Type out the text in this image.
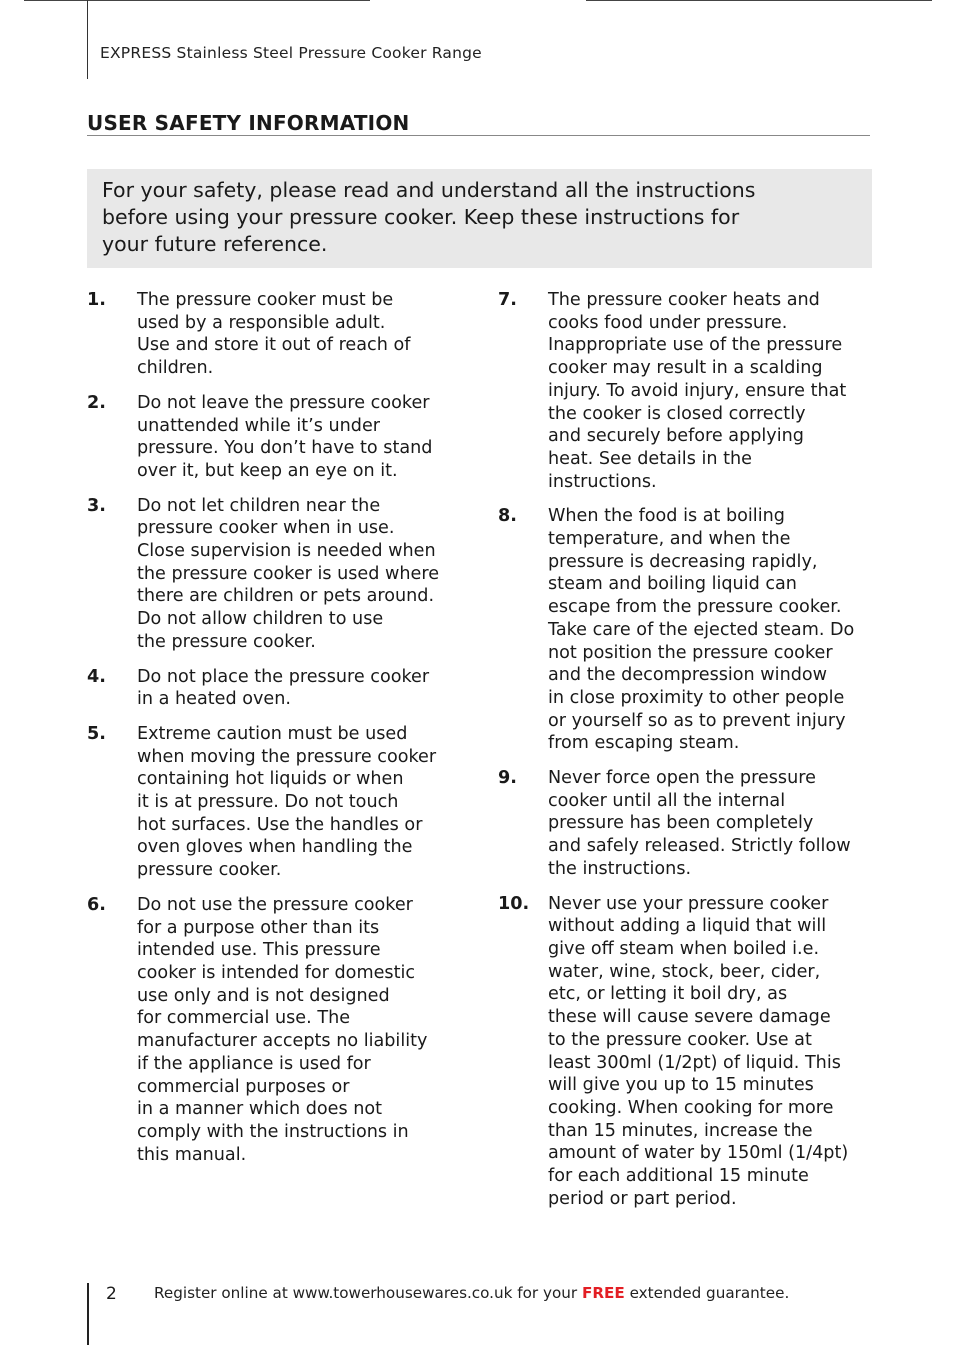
EXPRESS Stainless Steel Pressure Cooker Range
USER SAFETY INFORMATION
For your safety, please read and understand all the instructions
before using your pressure cooker. Keep these instructions for
your future reference.
1. The pressure cooker must be
used by a responsible adult.
Use and store it out of reach of
children.
2. Do not leave the pressure cooker
unattended while it’s under
pressure. You don’t have to stand
over it, but keep an eye on it.
3. Do not let children near the
pressure cooker when in use.
Close supervision is needed when
the pressure cooker is used where
there are children or pets around.
Do not allow children to use
the pressure cooker.
4. Do not place the pressure cooker
in a heated oven.
5. Extreme caution must be used
when moving the pressure cooker
containing hot liquids or when
it is at pressure. Do not touch
hot surfaces. Use the handles or
oven gloves when handling the
pressure cooker.
6. Do not use the pressure cooker
for a purpose other than its
intended use. This pressure
cooker is intended for domestic
use only and is not designed
for commercial use. The
manufacturer accepts no liability
if the appliance is used for
commercial purposes or
in a manner which does not
comply with the instructions in
this manual.
7. The pressure cooker heats and
cooks food under pressure.
Inappropriate use of the pressure
cooker may result in a scalding
injury. To avoid injury, ensure that
the cooker is closed correctly
and securely before applying
heat. See details in the
instructions.
8. When the food is at boiling
temperature, and when the
pressure is decreasing rapidly,
steam and boiling liquid can
escape from the pressure cooker.
Take care of the ejected steam. Do
not position the pressure cooker
and the decompression window
in close proximity to other people
or yourself so as to prevent injury
from escaping steam.
9. Never force open the pressure
cooker until all the internal
pressure has been completely
and safely released. Strictly follow
the instructions.
10. Never use your pressure cooker
without adding a liquid that will
give off steam when boiled i.e.
water, wine, stock, beer, cider,
etc, or letting it boil dry, as
these will cause severe damage
to the pressure cooker. Use at
least 300ml (1/2pt) of liquid. This
will give you up to 15 minutes
cooking. When cooking for more
than 15 minutes, increase the
amount of water by 150ml (1/4pt)
for each additional 15 minute
period or part period.
2 Register online at www.towerhousewares.co.uk for your FREE extended guarantee.
